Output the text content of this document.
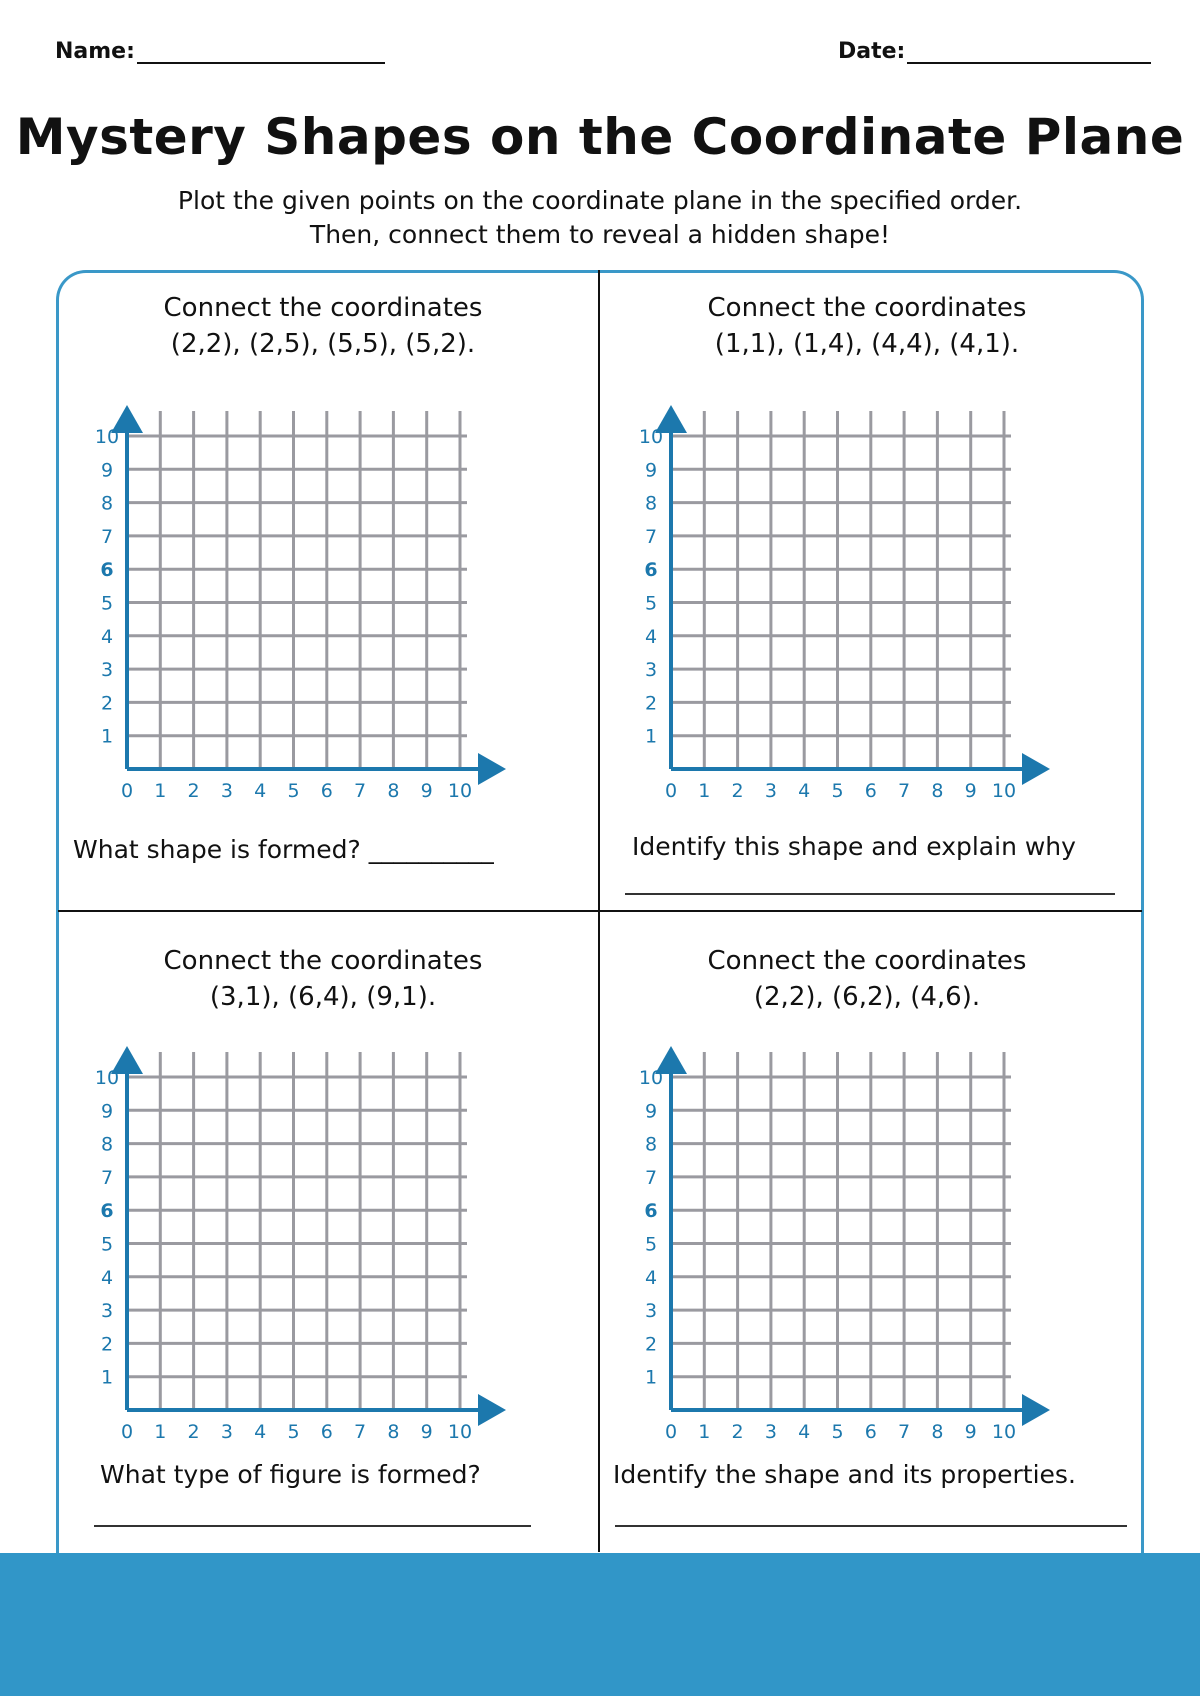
Name:	Date:
Mystery Shapes on the Coordinate Plane
Plot the given points on the coordinate plane in the specified order.
Then, connect them to reveal a hidden shape!
Connect the coordinates
(2,2), (2,5), (5,5), (5,2).
0 1 2 3 4 5 6 7 8 9 10
1
2
3
4
5
6
7
8
9
10
What shape is formed? __________
Connect the coordinates
(1,1), (1,4), (4,4), (4,1).
0 1 2 3 4 5 6 7 8 9 10
1
2
3
4
5
6
7
8
9
10
Identify this shape and explain why
Connect the coordinates
(3,1), (6,4), (9,1).
0 1 2 3 4 5 6 7 8 9 10
1
2
3
4
5
6
7
8
9
10
What type of figure is formed?
Connect the coordinates
(2,2), (6,2), (4,6).
0 1 2 3 4 5 6 7 8 9 10
1
2
3
4
5
6
7
8
9
10
Identify the shape and its properties.
